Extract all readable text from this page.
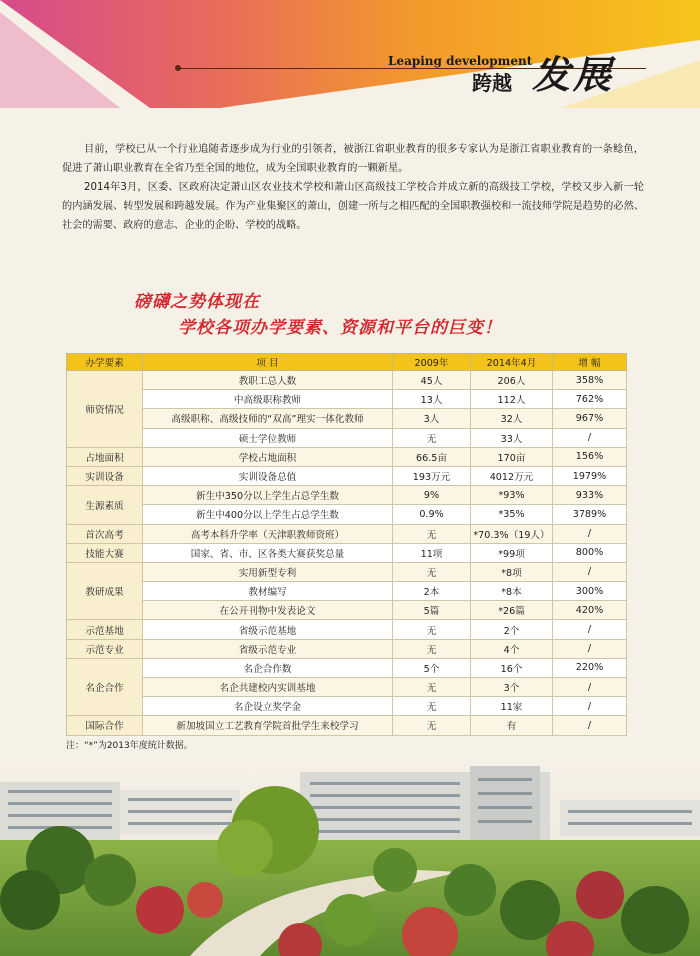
Leaping development
跨越 发展

目前，学校已从一个行业追随者逐步成为行业的引领者，被浙江省职业教育的很多专家认为是浙江省职业教育的一条鲶鱼，促进了萧山职业教育在全省乃至全国的地位，成为全国职业教育的一颗新星。

2014年3月，区委、区政府决定萧山区农业技术学校和萧山区高级技工学校合并成立新的高级技工学校，学校又步入新一轮的内涵发展、转型发展和跨越发展。作为产业集聚区的萧山，创建一所与之相匹配的全国职教强校和一流技师学院是趋势的必然、社会的需要、政府的意志、企业的企盼、学校的战略。

磅礴之势体现在
学校各项办学要素、资源和平台的巨变！
办学要素	项 目	2009年	2014年4月	增 幅
师资情况	教职工总人数	45人	206人	358%
	中高级职称教师	13人	112人	762%
	高级职称、高级技师的“双高”理实一体化教师	3人	32人	967%
	硕士学位教师	无	33人	/
占地面积	学校占地面积	66.5亩	170亩	156%
实训设备	实训设备总值	193万元	4012万元	1979%
生源素质	新生中350分以上学生占总学生数	9%	*93%	933%
	新生中400分以上学生占总学生数	0.9%	*35%	3789%
首次高考	高考本科升学率（天津职教师资班）	无	*70.3%（19人）	/
技能大赛	国家、省、市、区各类大赛获奖总量	11项	*99项	800%
教研成果	实用新型专利	无	*8项	/
	教材编写	2本	*8本	300%
	在公开刊物中发表论文	5篇	*26篇	420%
示范基地	省级示范基地	无	2个	/
示范专业	省级示范专业	无	4个	/
名企合作	名企合作数	5个	16个	220%
	名企共建校内实训基地	无	3个	/
	名企设立奖学金	无	11家	/
国际合作	新加坡国立工艺教育学院首批学生来校学习	无	有	/
注：“*”为2013年度统计数据。
